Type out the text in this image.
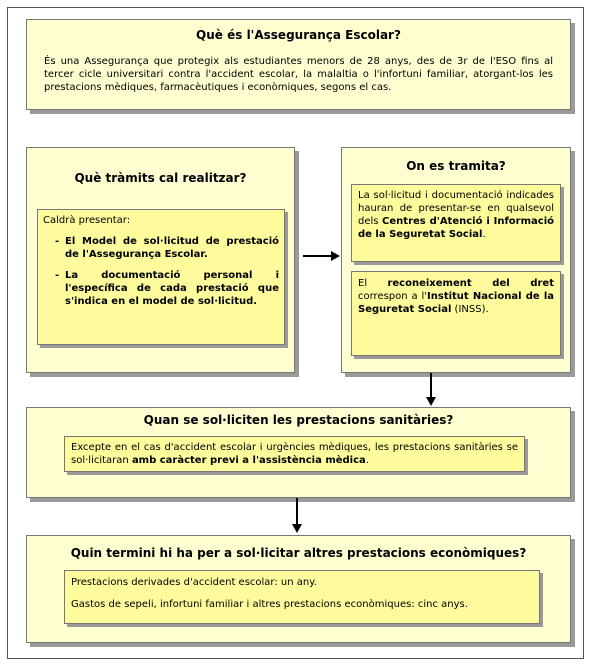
Què és l'Assegurança Escolar?
És una Assegurança que protegix als estudiantes menors de 28 anys, des de 3r de l'ESO fins al tercer cicle universitari contra l'accident escolar, la malaltia o l'infortuni familiar, atorgant-los les prestacions mèdiques, farmacèutiques i econòmiques, segons el cas.
Què tràmits cal realitzar?
Caldrà presentar:
- El Model de sol·licitud de prestació de l'Assegurança Escolar.
- La documentació personal i l'específica de cada prestació que s'indica en el model de sol·licitud.
On es tramita?
La sol·licitud i documentació indicades hauran de presentar-se en qualsevol dels Centres d'Atenció i Informació de la Seguretat Social.
El reconeixement del dret correspon a l'Institut Nacional de la Seguretat Social (INSS).
Quan se sol·liciten les prestacions sanitàries?
Excepte en el cas d'accident escolar i urgències mèdiques, les prestacions sanitàries se sol·licitaran amb caràcter previ a l'assistència mèdica.
Quin termini hi ha per a sol·licitar altres prestacions econòmiques?
Prestacions derivades d'accident escolar: un any.
Gastos de sepeli, infortuni familiar i altres prestacions econòmiques: cinc anys.
